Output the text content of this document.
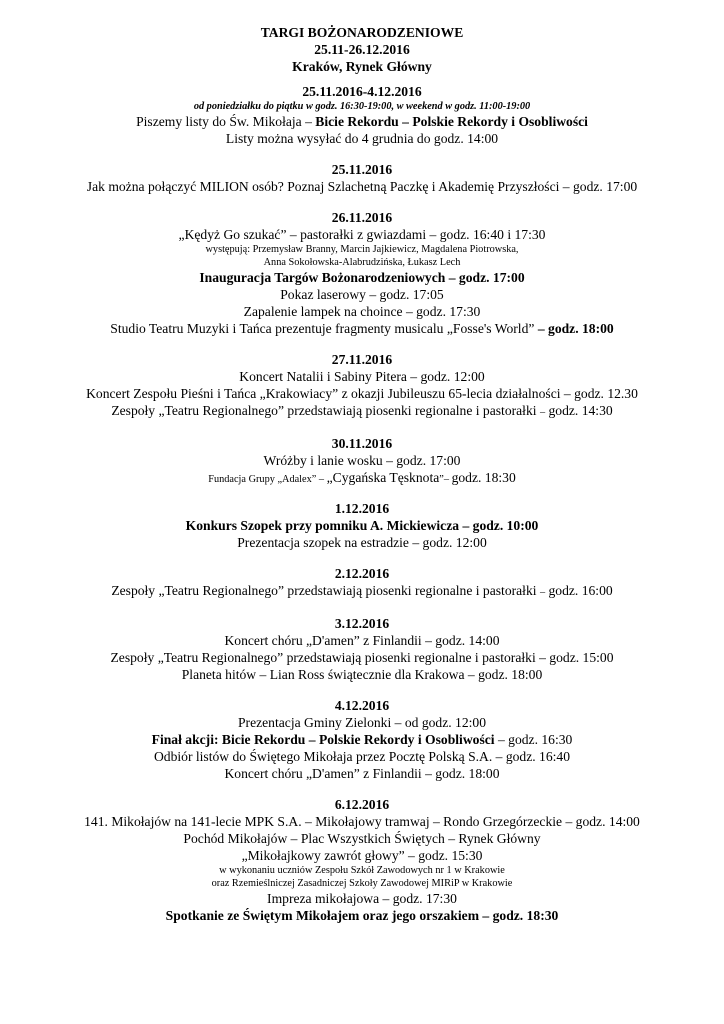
TARGI BOŻONARODZENIOWE
25.11-26.12.2016
Kraków, Rynek Główny
25.11.2016-4.12.2016
od poniedziałku do piątku w godz. 16:30-19:00, w weekend w godz. 11:00-19:00
Piszemy listy do Św. Mikołaja – Bicie Rekordu – Polskie Rekordy i Osobliwości
Listy można wysyłać do 4 grudnia do godz. 14:00
25.11.2016
Jak można połączyć MILION osób? Poznaj Szlachetną Paczkę i Akademię Przyszłości – godz. 17:00
26.11.2016
„Kędyż Go szukać” – pastorałki z gwiazdami – godz. 16:40 i 17:30
występują: Przemysław Branny, Marcin Jajkiewicz, Magdalena Piotrowska,
Anna Sokołowska-Alabrudzińska, Łukasz Lech
Inauguracja Targów Bożonarodzeniowych – godz. 17:00
Pokaz laserowy – godz. 17:05
Zapalenie lampek na choince – godz. 17:30
Studio Teatru Muzyki i Tańca prezentuje fragmenty musicalu „Fosse's World” – godz. 18:00
27.11.2016
Koncert Natalii i Sabiny Pitera – godz. 12:00
Koncert Zespołu Pieśni i Tańca „Krakowiacy” z okazji Jubileuszu 65-lecia działalności – godz. 12.30
Zespoły „Teatru Regionalnego” przedstawiają piosenki regionalne i pastorałki – godz. 14:30
30.11.2016
Wróżby i lanie wosku – godz. 17:00
Fundacja Grupy „Adalex” – „Cygańska Tęsknota”– godz. 18:30
1.12.2016
Konkurs Szopek przy pomniku A. Mickiewicza – godz. 10:00
Prezentacja szopek na estradzie – godz. 12:00
2.12.2016
Zespoły „Teatru Regionalnego” przedstawiają piosenki regionalne i pastorałki – godz. 16:00
3.12.2016
Koncert chóru „D'amen” z Finlandii – godz. 14:00
Zespoły „Teatru Regionalnego” przedstawiają piosenki regionalne i pastorałki – godz. 15:00
Planeta hitów – Lian Ross świątecznie dla Krakowa – godz. 18:00
4.12.2016
Prezentacja Gminy Zielonki – od godz. 12:00
Finał akcji: Bicie Rekordu – Polskie Rekordy i Osobliwości – godz. 16:30
Odbiór listów do Świętego Mikołaja przez Pocztę Polską S.A. – godz. 16:40
Koncert chóru „D'amen” z Finlandii – godz. 18:00
6.12.2016
141. Mikołajów na 141-lecie MPK S.A. – Mikołajowy tramwaj – Rondo Grzegórzeckie – godz. 14:00
Pochód Mikołajów – Plac Wszystkich Świętych – Rynek Główny
„Mikołajkowy zawrót głowy” – godz. 15:30
w wykonaniu uczniów Zespołu Szkół Zawodowych nr 1 w Krakowie
oraz Rzemieślniczej Zasadniczej Szkoły Zawodowej MIRiP w Krakowie
Impreza mikołajowa – godz. 17:30
Spotkanie ze Świętym Mikołajem oraz jego orszakiem – godz. 18:30
